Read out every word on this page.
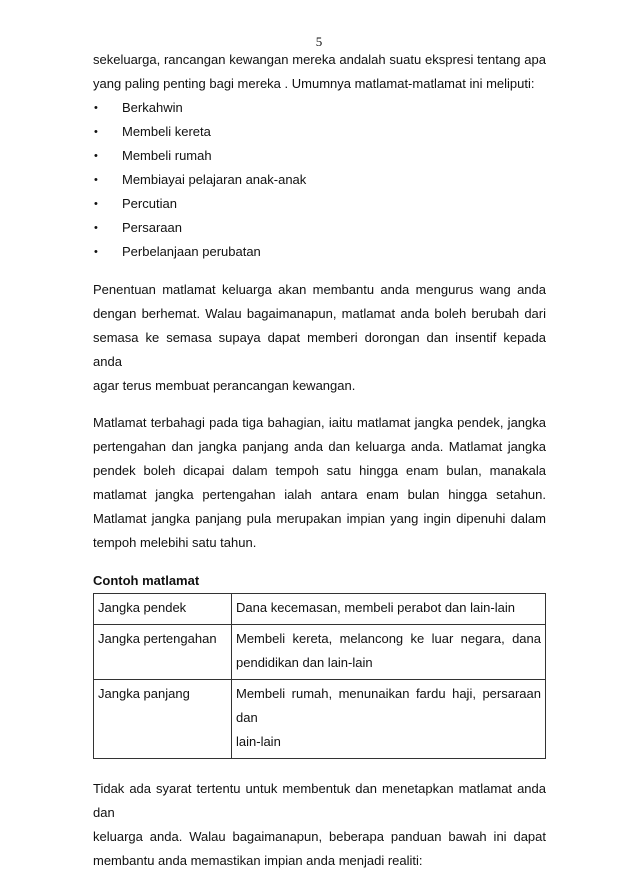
5
sekeluarga, rancangan kewangan mereka andalah suatu ekspresi tentang apa
yang paling penting bagi mereka . Umumnya matlamat-matlamat ini meliputi:
• Berkahwin
• Membeli kereta
• Membeli rumah
• Membiayai pelajaran anak-anak
• Percutian
• Persaraan
• Perbelanjaan perubatan
Penentuan matlamat keluarga akan membantu anda mengurus wang anda
dengan berhemat. Walau bagaimanapun, matlamat anda boleh berubah dari
semasa ke semasa supaya dapat memberi dorongan dan insentif kepada anda
agar terus membuat perancangan kewangan.
Matlamat terbahagi pada tiga bahagian, iaitu matlamat jangka pendek, jangka
pertengahan dan jangka panjang anda dan keluarga anda. Matlamat jangka
pendek boleh dicapai dalam tempoh satu hingga enam bulan, manakala
matlamat jangka pertengahan ialah antara enam bulan hingga setahun.
Matlamat jangka panjang pula merupakan impian yang ingin dipenuhi dalam
tempoh melebihi satu tahun.
Contoh matlamat
Jangka pendek	Dana kecemasan, membeli perabot dan lain-lain

Jangka pertengahan	Membeli kereta, melancong ke luar negara, dana
pendidikan dan lain-lain

Jangka panjang	Membeli rumah, menunaikan fardu haji, persaraan dan
lain-lain
Tidak ada syarat tertentu untuk membentuk dan menetapkan matlamat anda dan
keluarga anda. Walau bagaimanapun, beberapa panduan bawah ini dapat
membantu anda memastikan impian anda menjadi realiti:
